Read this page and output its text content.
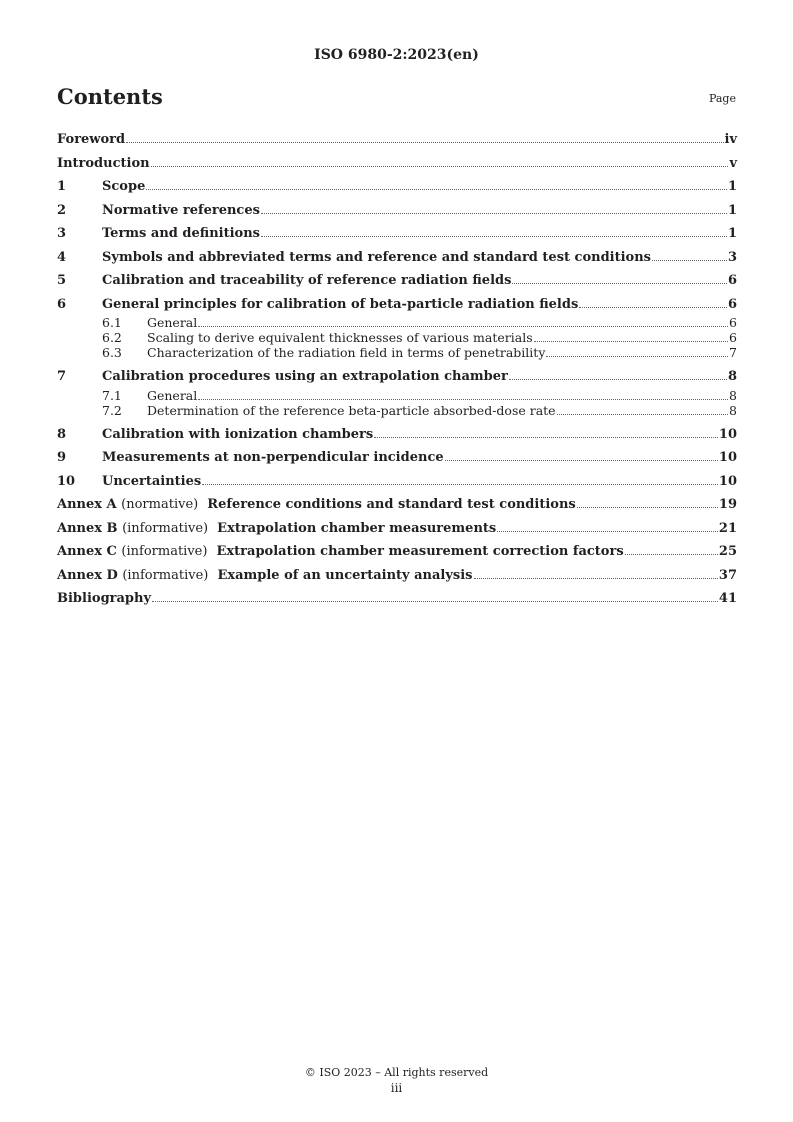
ISO 6980-2:2023(en)
Contents	Page
Foreword	iv
Introduction	v
1	Scope	1
2	Normative references	1
3	Terms and definitions	1
4	Symbols and abbreviated terms and reference and standard test conditions	3
5	Calibration and traceability of reference radiation fields	6
6	General principles for calibration of beta-particle radiation fields	6
6.1	General	6
6.2	Scaling to derive equivalent thicknesses of various materials	6
6.3	Characterization of the radiation field in terms of penetrability	7
7	Calibration procedures using an extrapolation chamber	8
7.1	General	8
7.2	Determination of the reference beta-particle absorbed-dose rate	8
8	Calibration with ionization chambers	10
9	Measurements at non-perpendicular incidence	10
10	Uncertainties	10
Annex A (normative) Reference conditions and standard test conditions	19
Annex B (informative) Extrapolation chamber measurements	21
Annex C (informative) Extrapolation chamber measurement correction factors	25
Annex D (informative) Example of an uncertainty analysis	37
Bibliography	41
© ISO 2023 – All rights reserved
iii
